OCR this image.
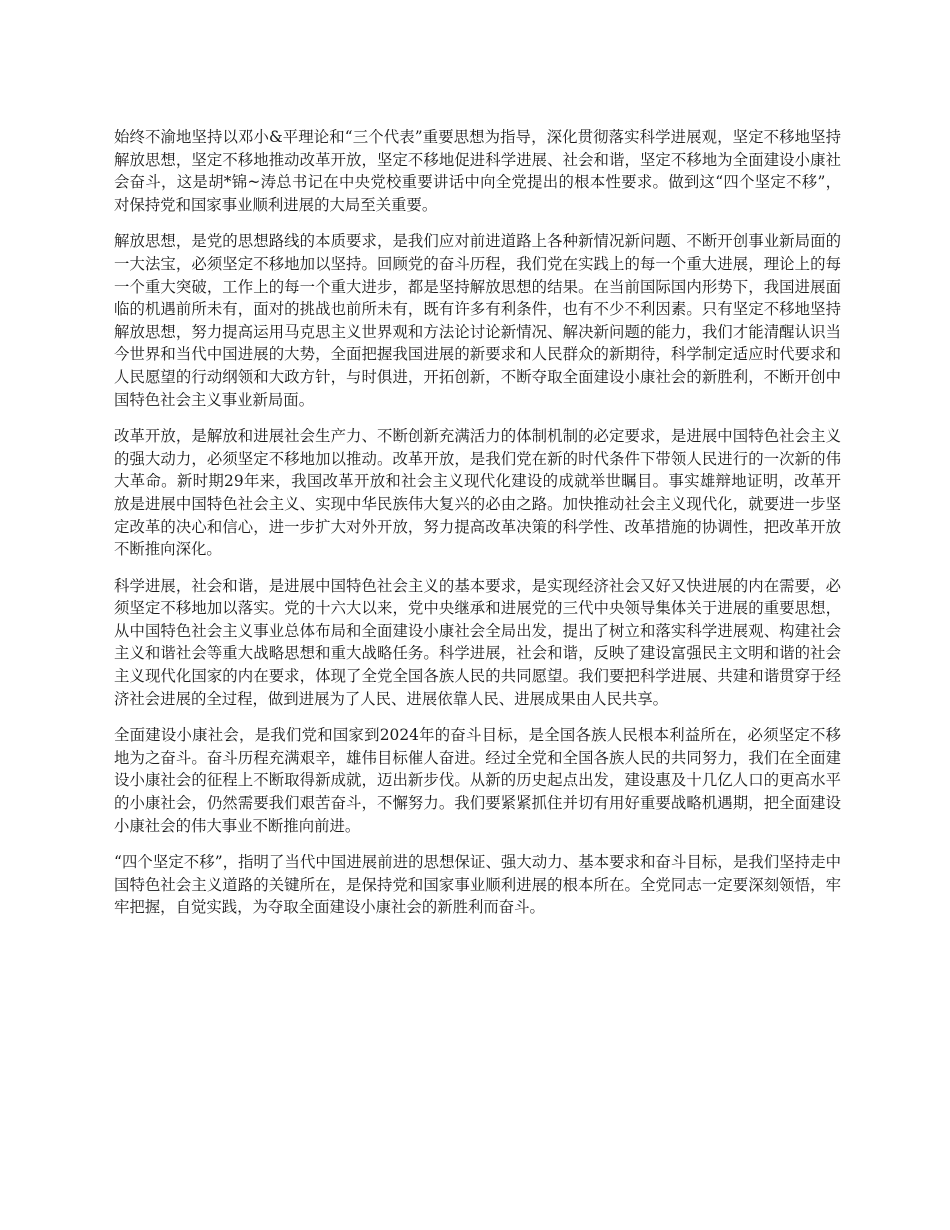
始终不渝地坚持以邓小&平理论和“三个代表”重要思想为指导，深化贯彻落实科学进展观，坚定不移地坚持解放思想，坚定不移地推动改革开放，坚定不移地促进科学进展、社会和谐，坚定不移地为全面建设小康社会奋斗，这是胡*锦~涛总书记在中央党校重要讲话中向全党提出的根本性要求。做到这“四个坚定不移”，对保持党和国家事业顺利进展的大局至关重要。

解放思想，是党的思想路线的本质要求，是我们应对前进道路上各种新情况新问题、不断开创事业新局面的一大法宝，必须坚定不移地加以坚持。回顾党的奋斗历程，我们党在实践上的每一个重大进展，理论上的每一个重大突破，工作上的每一个重大进步，都是坚持解放思想的结果。在当前国际国内形势下，我国进展面临的机遇前所未有，面对的挑战也前所未有，既有许多有利条件，也有不少不利因素。只有坚定不移地坚持解放思想，努力提高运用马克思主义世界观和方法论讨论新情况、解决新问题的能力，我们才能清醒认识当今世界和当代中国进展的大势，全面把握我国进展的新要求和人民群众的新期待，科学制定适应时代要求和人民愿望的行动纲领和大政方针，与时俱进，开拓创新，不断夺取全面建设小康社会的新胜利，不断开创中国特色社会主义事业新局面。

改革开放，是解放和进展社会生产力、不断创新充满活力的体制机制的必定要求，是进展中国特色社会主义的强大动力，必须坚定不移地加以推动。改革开放，是我们党在新的时代条件下带领人民进行的一次新的伟大革命。新时期29年来，我国改革开放和社会主义现代化建设的成就举世瞩目。事实雄辩地证明，改革开放是进展中国特色社会主义、实现中华民族伟大复兴的必由之路。加快推动社会主义现代化，就要进一步坚定改革的决心和信心，进一步扩大对外开放，努力提高改革决策的科学性、改革措施的协调性，把改革开放不断推向深化。

科学进展，社会和谐，是进展中国特色社会主义的基本要求，是实现经济社会又好又快进展的内在需要，必须坚定不移地加以落实。党的十六大以来，党中央继承和进展党的三代中央领导集体关于进展的重要思想，从中国特色社会主义事业总体布局和全面建设小康社会全局出发，提出了树立和落实科学进展观、构建社会主义和谐社会等重大战略思想和重大战略任务。科学进展，社会和谐，反映了建设富强民主文明和谐的社会主义现代化国家的内在要求，体现了全党全国各族人民的共同愿望。我们要把科学进展、共建和谐贯穿于经济社会进展的全过程，做到进展为了人民、进展依靠人民、进展成果由人民共享。

全面建设小康社会，是我们党和国家到2024年的奋斗目标，是全国各族人民根本利益所在，必须坚定不移地为之奋斗。奋斗历程充满艰辛，雄伟目标催人奋进。经过全党和全国各族人民的共同努力，我们在全面建设小康社会的征程上不断取得新成就，迈出新步伐。从新的历史起点出发，建设惠及十几亿人口的更高水平的小康社会，仍然需要我们艰苦奋斗，不懈努力。我们要紧紧抓住并切有用好重要战略机遇期，把全面建设小康社会的伟大事业不断推向前进。

“四个坚定不移”，指明了当代中国进展前进的思想保证、强大动力、基本要求和奋斗目标，是我们坚持走中国特色社会主义道路的关键所在，是保持党和国家事业顺利进展的根本所在。全党同志一定要深刻领悟，牢牢把握，自觉实践，为夺取全面建设小康社会的新胜利而奋斗。
